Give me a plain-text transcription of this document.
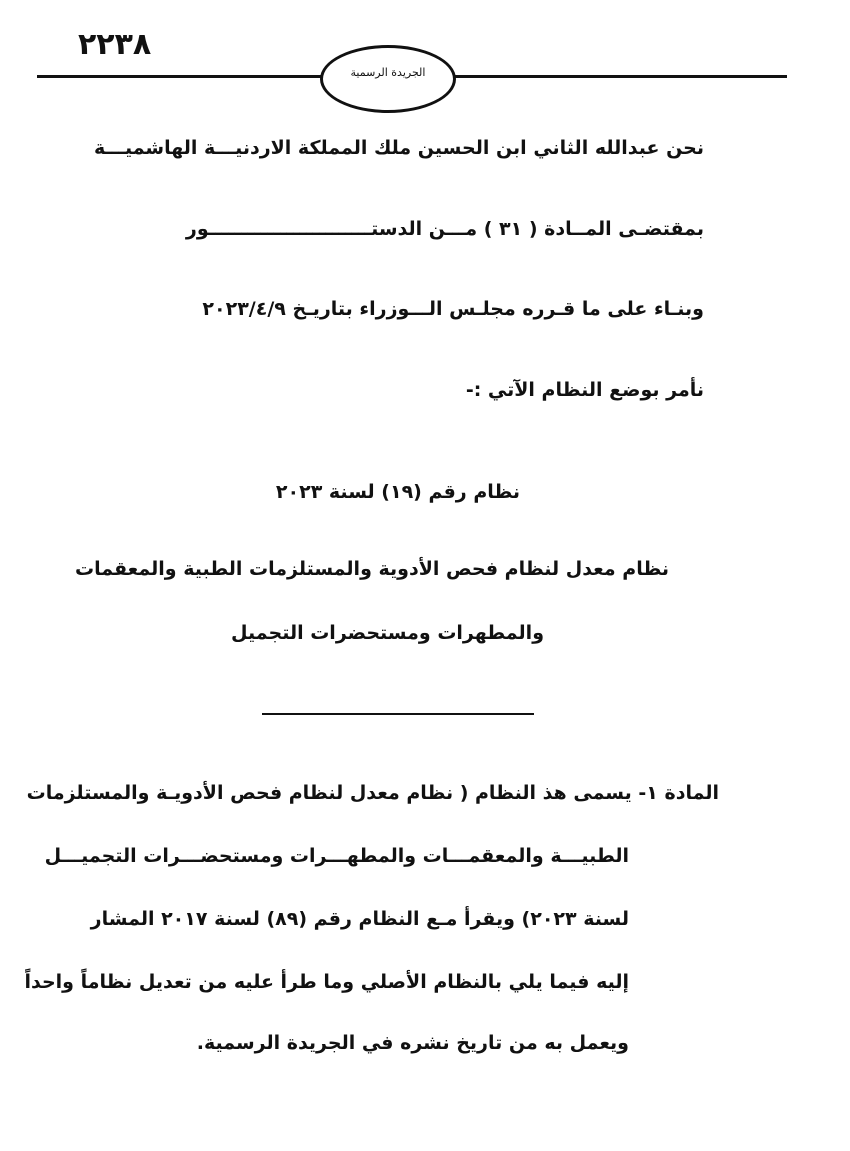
٢٢٣٨
الجريدة الرسمية
نحن عبدالله الثاني ابن الحسين ملك المملكة الاردنيـــة الهاشميـــة
بمقتضـى المــادة ( ٣١ ) مـــن الدستـــــــــــــــــــــــــور
وبنـاء على ما قـرره مجلـس الـــوزراء بتاريـخ ٢٠٢٣/٤/٩
نأمر بوضع النظام الآتي :-
نظام رقم (١٩) لسنة ٢٠٢٣
نظام معدل لنظام فحص الأدوية والمستلزمات الطبية والمعقمات
والمطهرات ومستحضرات التجميل
المادة ١- يسمى هذ النظام ( نظام معدل لنظام فحص الأدويـة والمستلزمات
الطبيـــة والمعقمـــات والمطهـــرات ومستحضـــرات التجميـــل
لسنة ٢٠٢٣) ويقرأ مـع النظام رقم (٨٩) لسنة ٢٠١٧ المشار
إليه فيما يلي بالنظام الأصلي وما طرأ عليه من تعديل نظاماً واحداً
ويعمل به من تاريخ نشره في الجريدة الرسمية.
